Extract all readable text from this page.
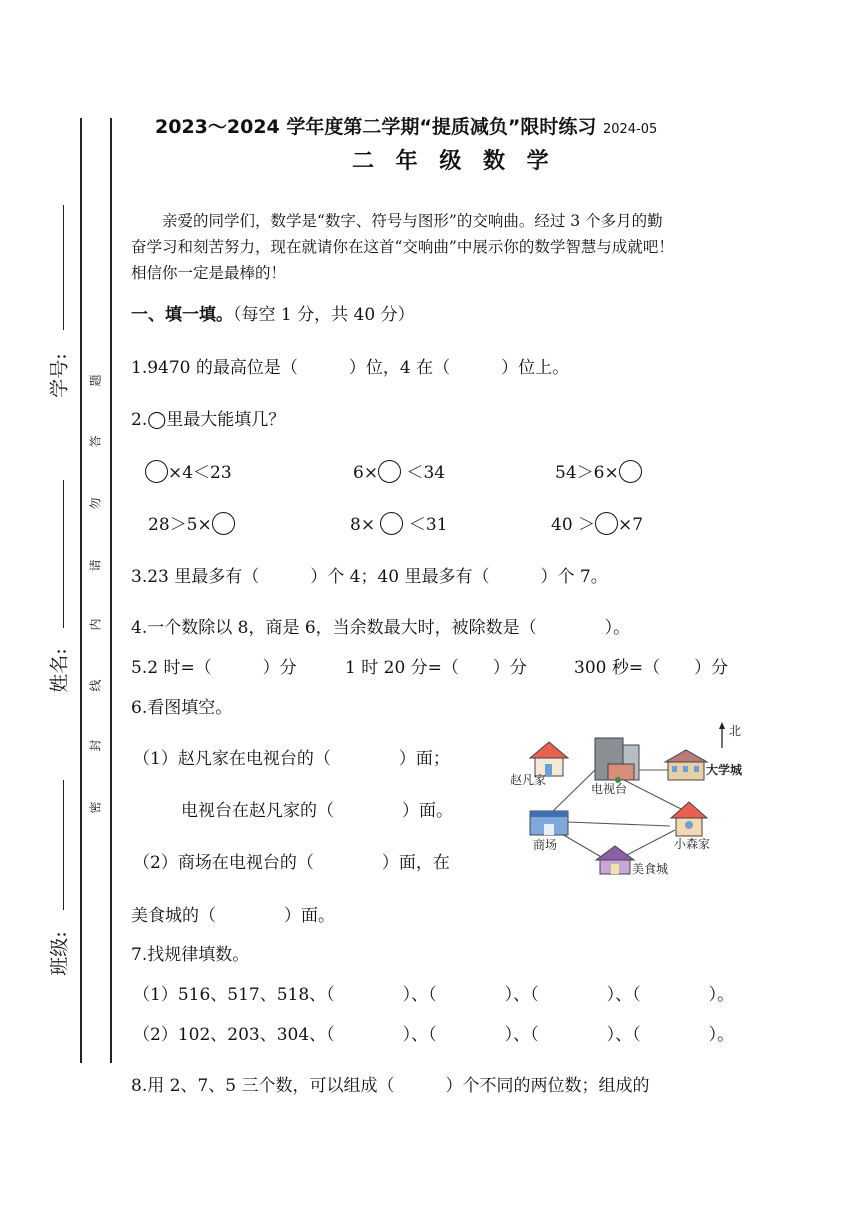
学号:
姓名:
班级:
题
答
勿
请
内
线
封
密
2023～2024 学年度第二学期“提质减负”限时练习 2024-05
二 年 级 数 学

亲爱的同学们，数学是“数字、符号与图形”的交响曲。经过 3 个多月的勤

奋学习和刻苦努力，现在就请你在这首“交响曲”中展示你的数学智慧与成就吧！

相信你一定是最棒的！

一、填一填。（每空 1 分，共 40 分）
1.9470 的最高位是（　　　）位，4 在（　　　）位上。
2.◯里最大能填几？
×4＜23	6× ＜34	54＞6×
28＞5×	8×  ＜31	40 ＞ ×7
3.23 里最多有（　　　）个 4；40 里最多有（　　　）个 7。
4.一个数除以 8，商是 6，当余数最大时，被除数是（　　　　）。
5.2 时=（　　　）分	1 时 20 分=（　　）分	300 秒=（　　）分
6.看图填空。
（1）赵凡家在电视台的（　　　　）面；
电视台在赵凡家的（　　　　）面。
（2）商场在电视台的（　　　　）面，在
美食城的（　　　　）面。
北
赵凡家
电视台
大学城
商场	小森家
美食城
7.找规律填数。
（1）516、517、518、（　　　　）、（　　　　）、（　　　　）、（　　　　）。
（2）102、203、304、（　　　　）、（　　　　）、（　　　　）、（　　　　）。
8.用 2、7、5 三个数，可以组成（　　　）个不同的两位数；组成的
